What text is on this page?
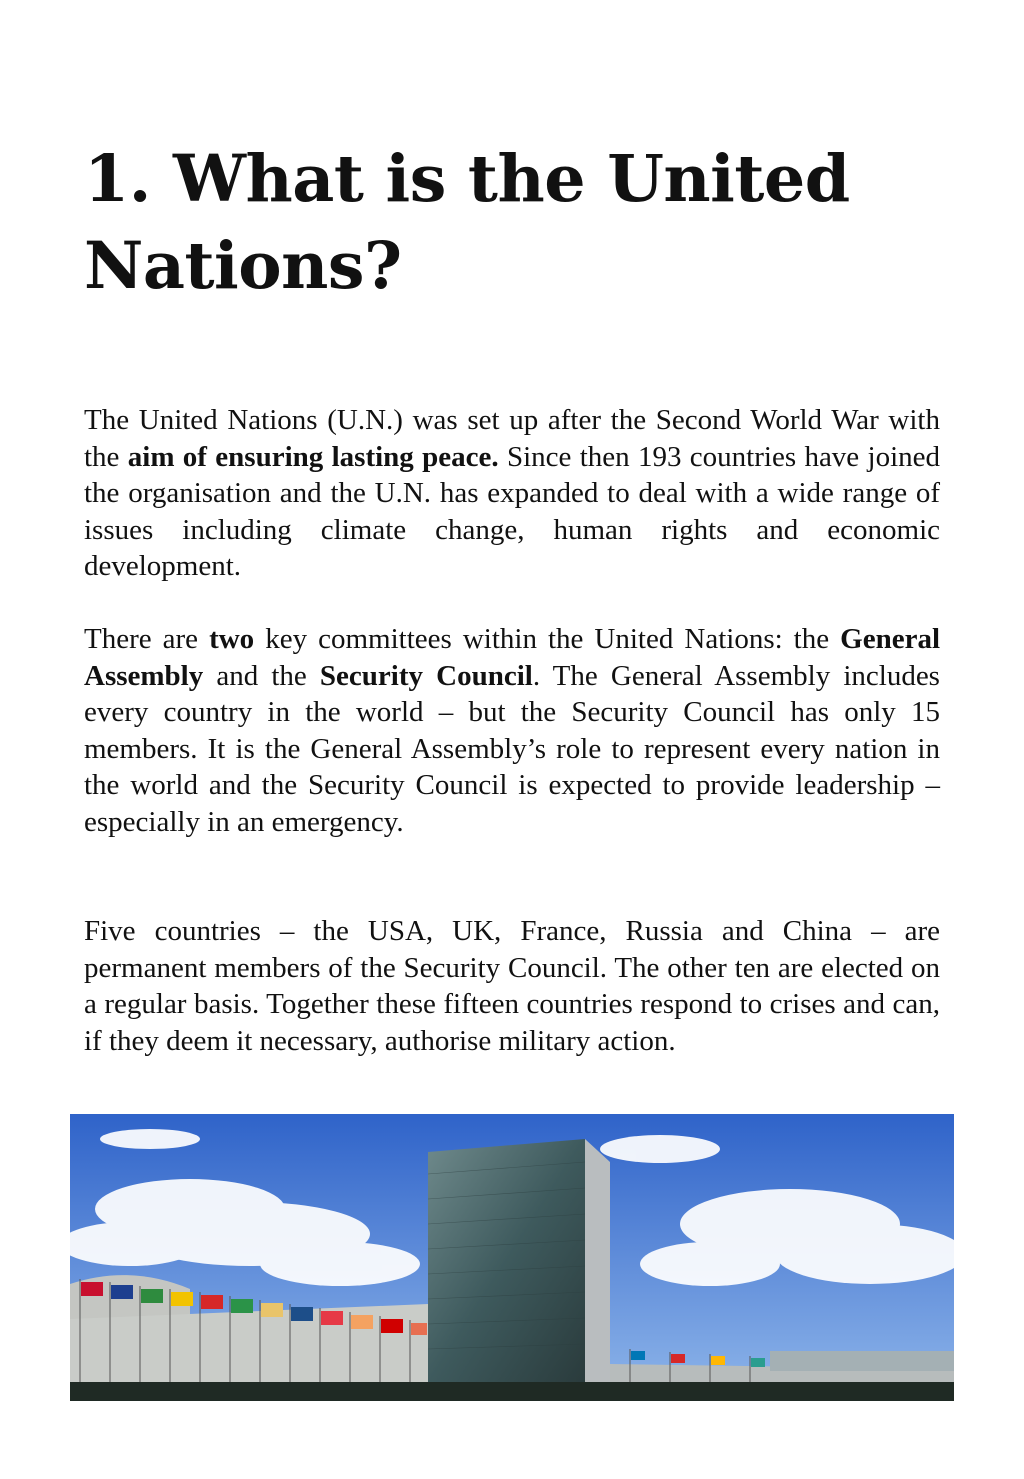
1. What is the United Nations?

The United Nations (U.N.) was set up after the Second World War with the aim of ensuring lasting peace. Since then 193 countries have joined the organisation and the U.N. has expanded to deal with a wide range of issues including climate change, human rights and economic development.

There are two key committees within the United Nations: the General Assembly and the Security Council. The General Assembly includes every country in the world – but the Security Council has only 15 members. It is the General Assembly’s role to represent every nation in the world and the Security Council is expected to provide leadership – especially in an emergency.

Five countries – the USA, UK, France, Russia and China – are permanent members of the Security Council. The other ten are elected on a regular basis. Together these fifteen countries respond to crises and can, if they deem it necessary, authorise military action.
